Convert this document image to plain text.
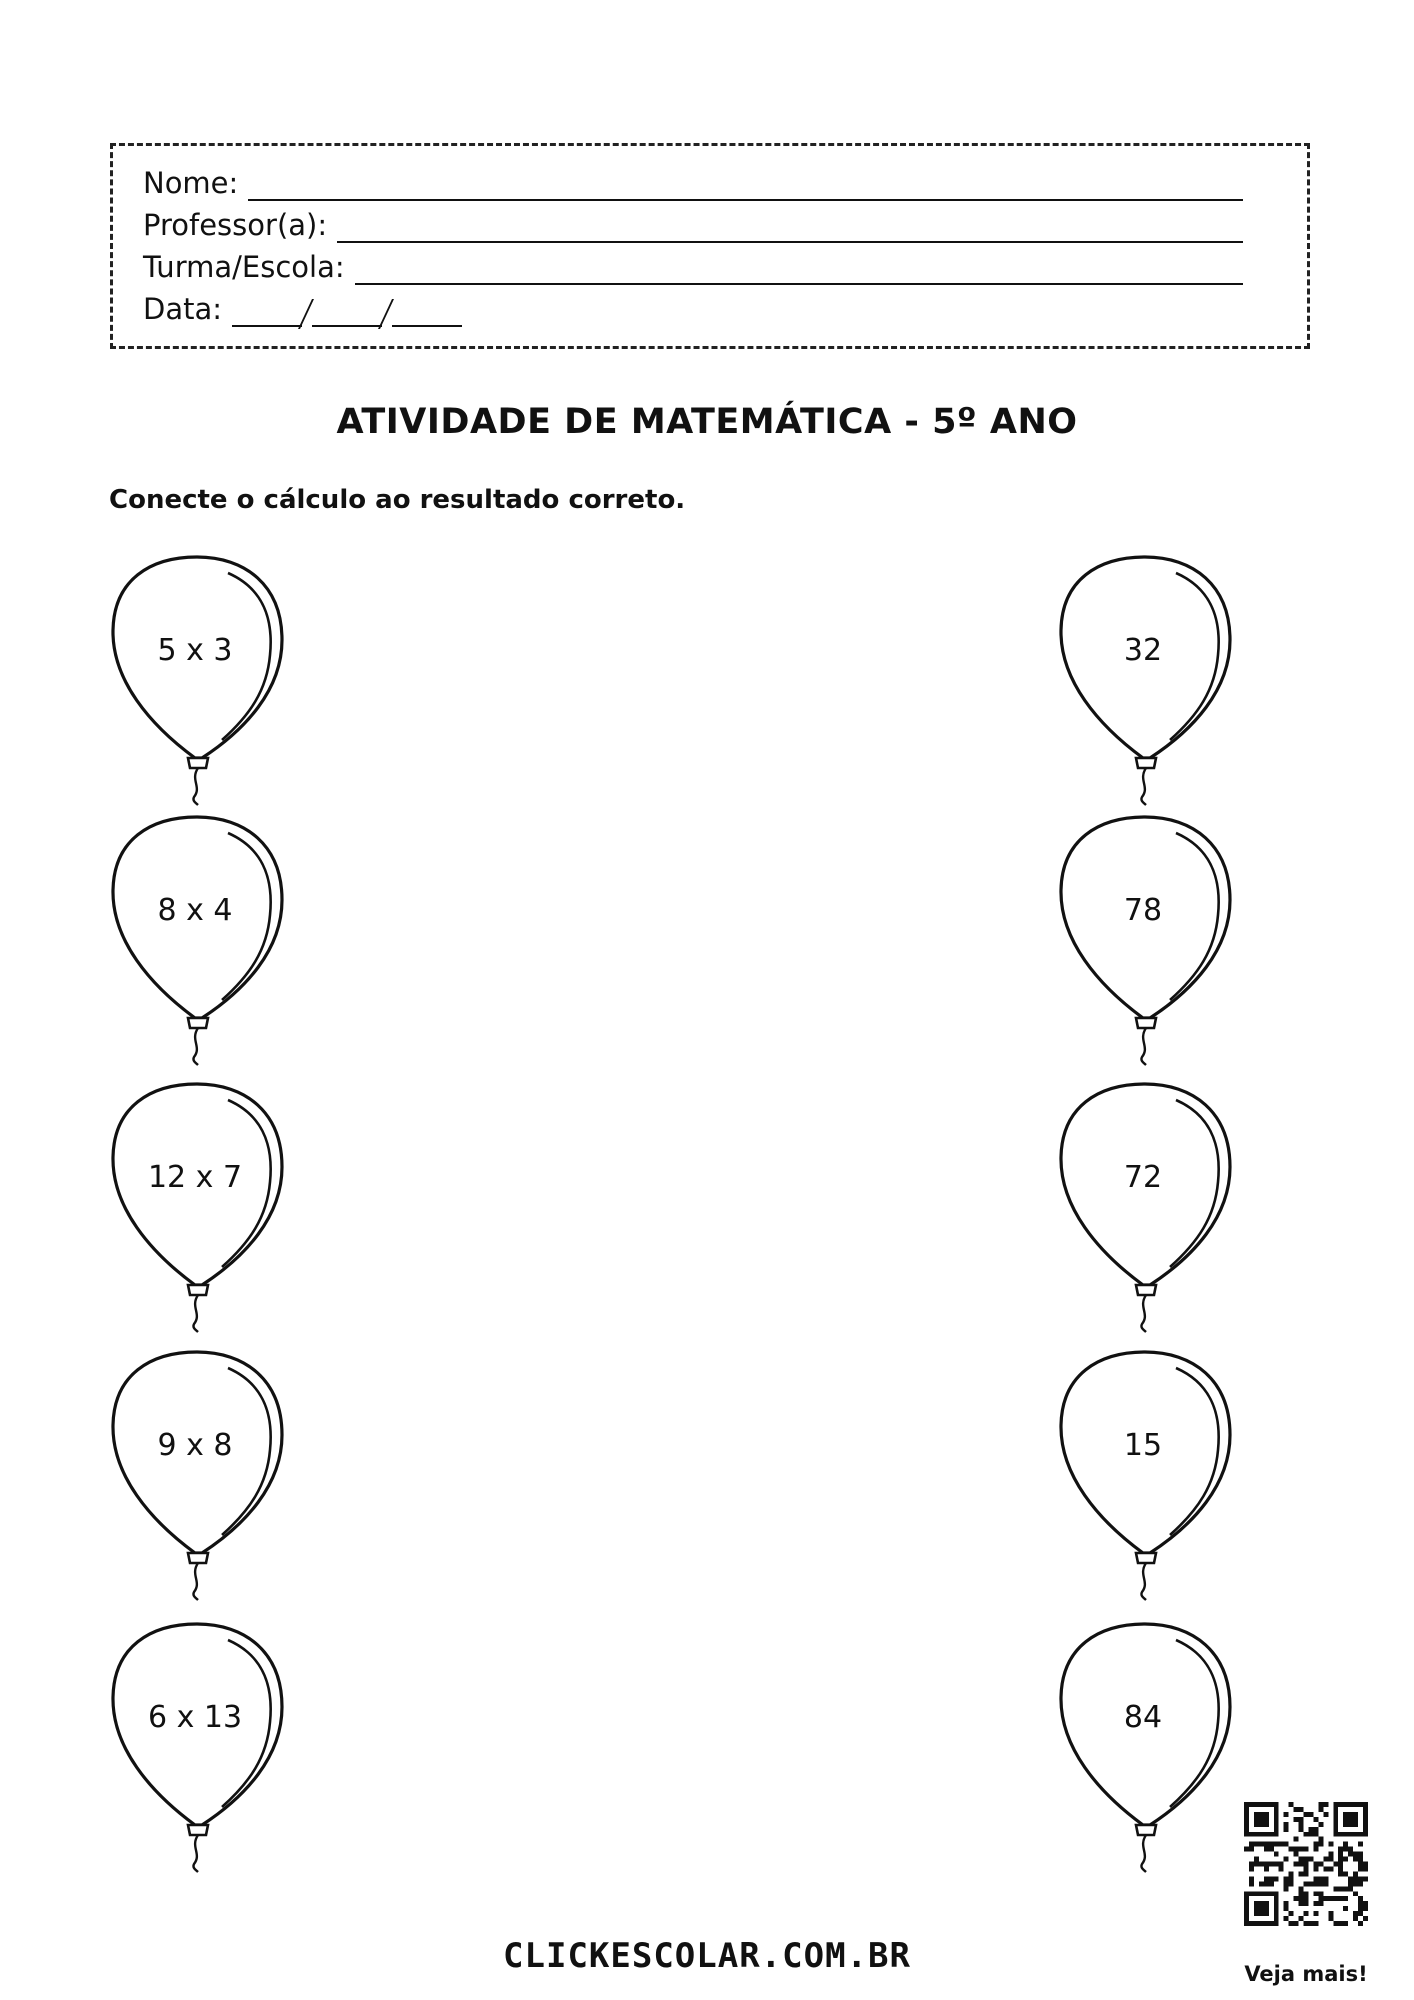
Nome:
Professor(a):
Turma/Escola:
Data:
ATIVIDADE DE MATEMÁTICA - 5º ANO
Conecte o cálculo ao resultado correto.
5 x 3
8 x 4
12 x 7
9 x 8
6 x 13
32
78
72
15
84
CLICKESCOLAR.COM.BR	Veja mais!
